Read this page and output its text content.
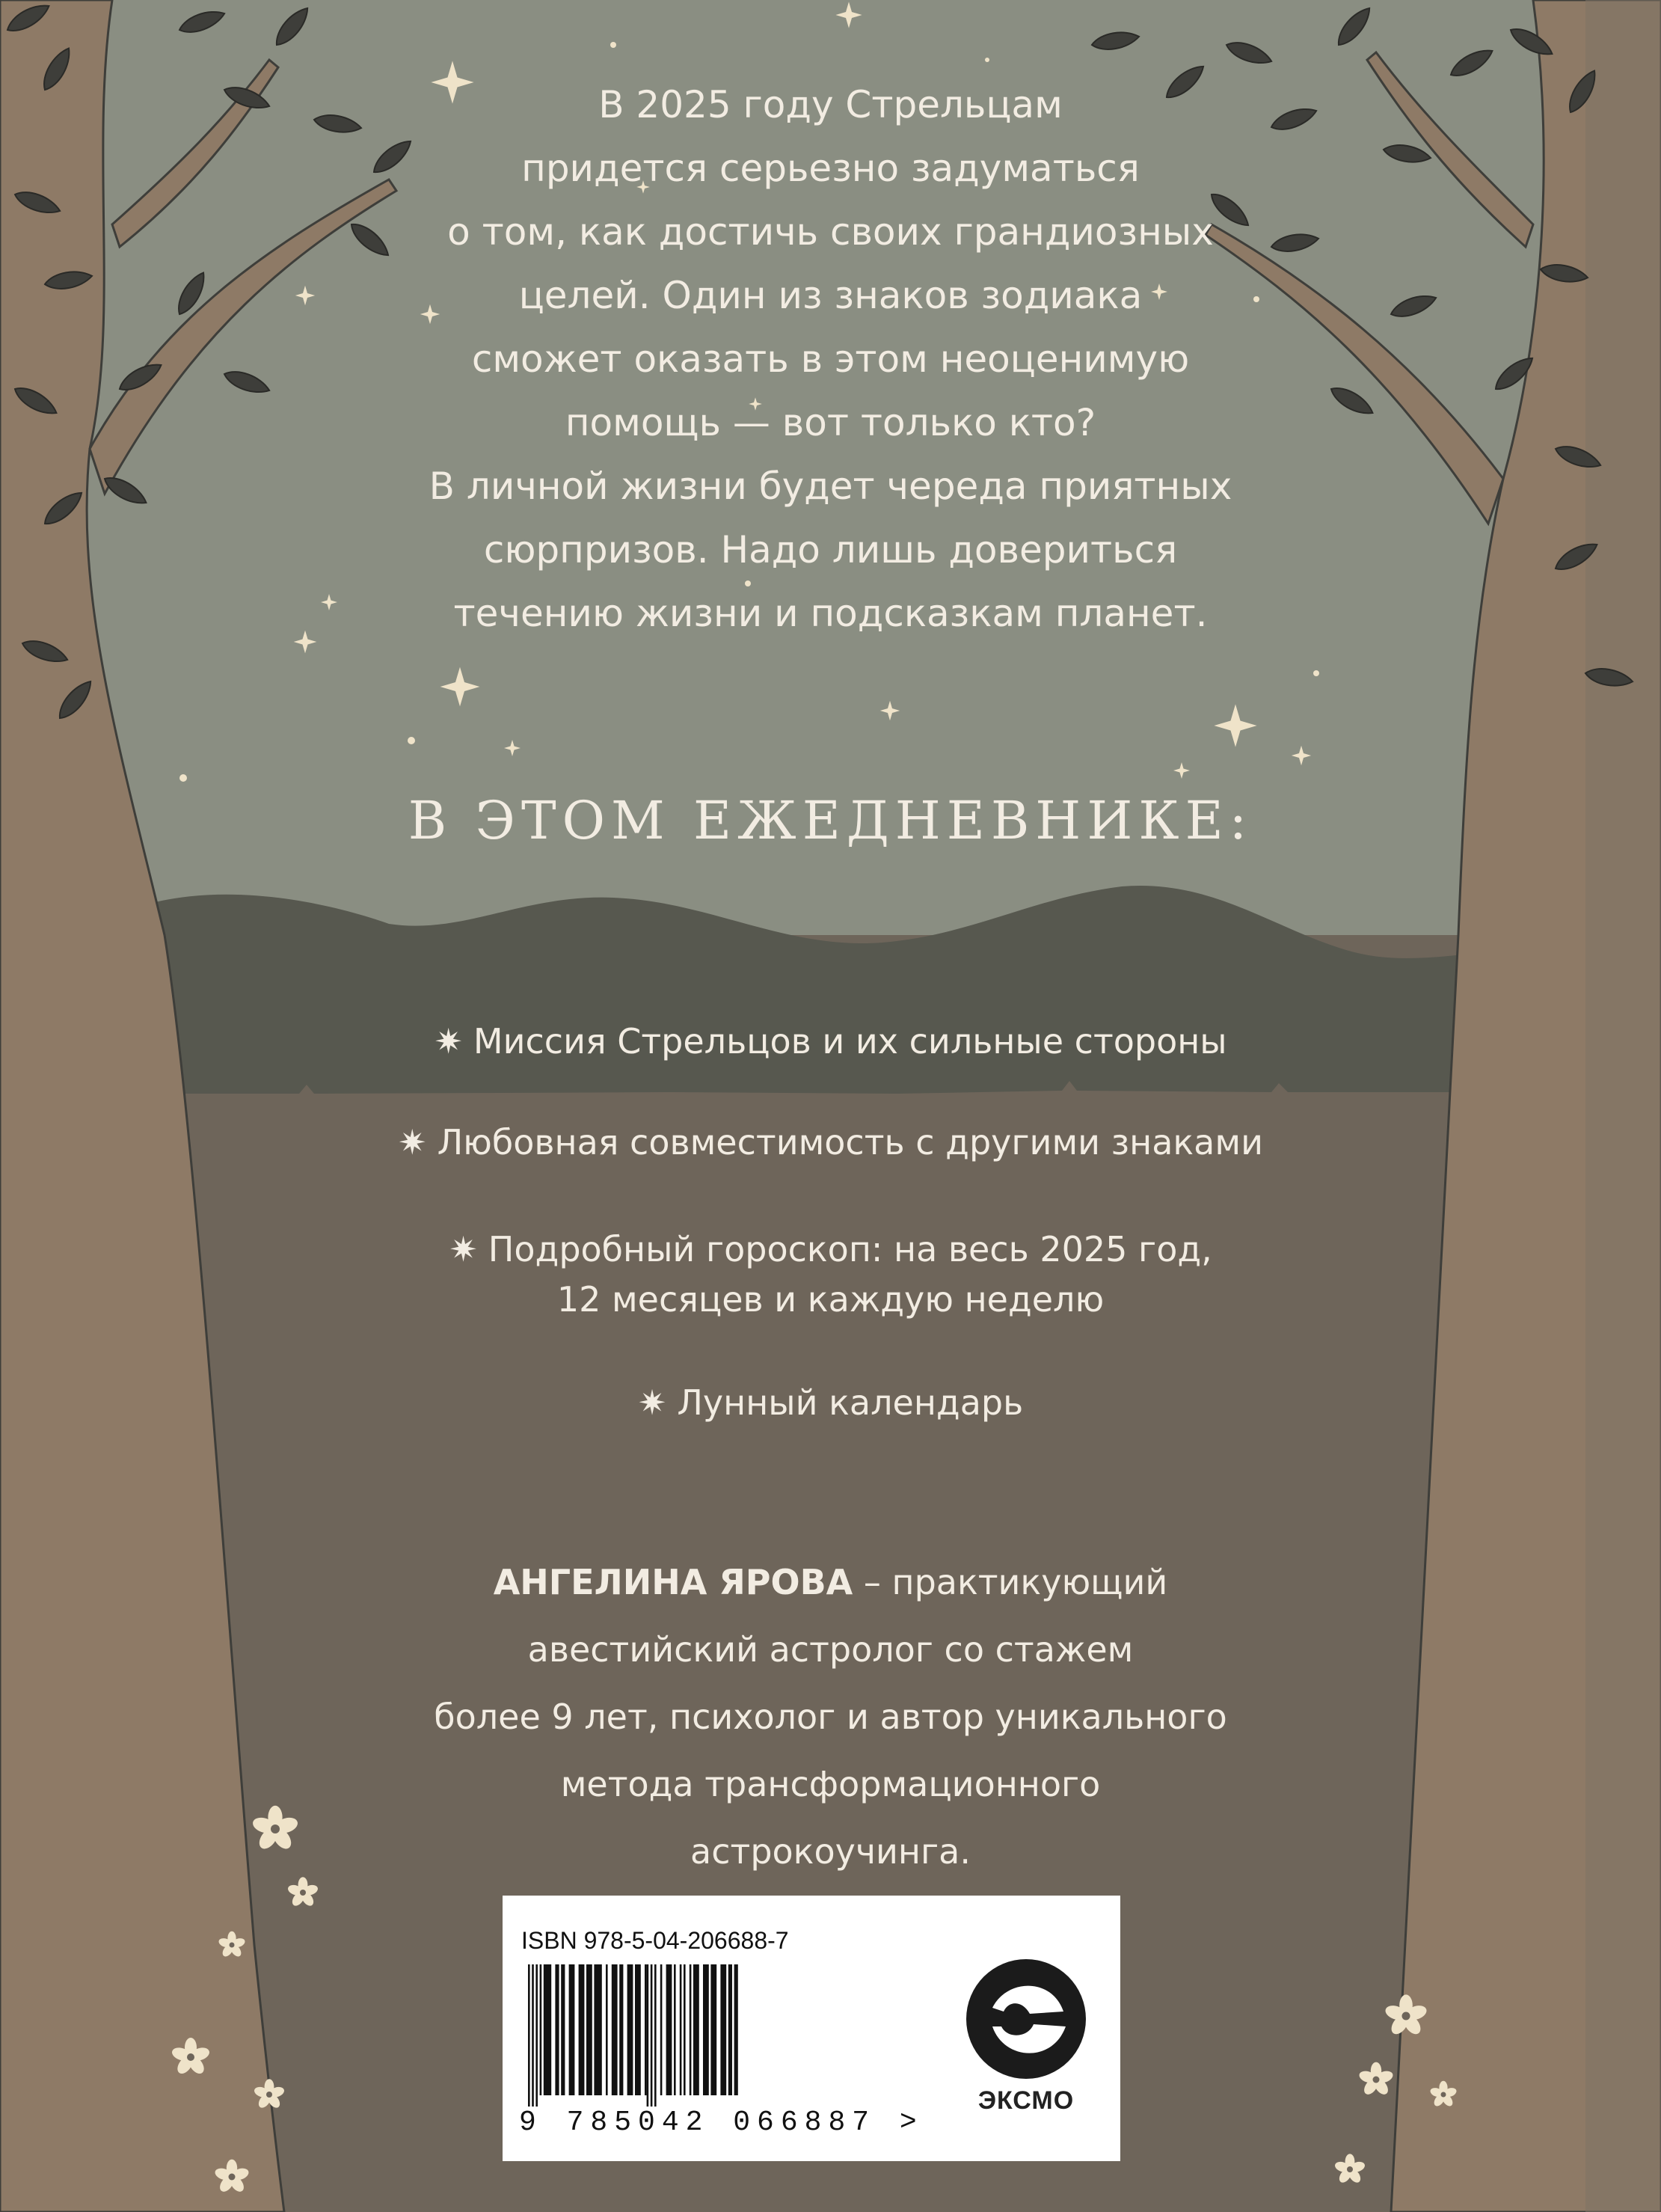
В 2025 году Стрельцам
придется серьезно задуматься
о том, как достичь своих грандиозных
целей. Один из знаков зодиака
сможет оказать в этом неоценимую
помощь — вот только кто?
В личной жизни будет череда приятных
сюрпризов. Надо лишь довериться
течению жизни и подсказкам планет.
В ЭТОМ ЕЖЕДНЕВНИКЕ:
✷ Миссия Стрельцов и их сильные стороны
✷ Любовная совместимость с другими знаками
✷ Подробный гороскоп: на весь 2025 год,
12 месяцев и каждую неделю
✷ Лунный календарь
АНГЕЛИНА ЯРОВА – практикующий
авестийский астролог со стажем
более 9 лет, психолог и автор уникального
метода трансформационного
астрокоучинга.
ISBN 978-5-04-206688-7
9 785042 066887 >
ЭКСМО
